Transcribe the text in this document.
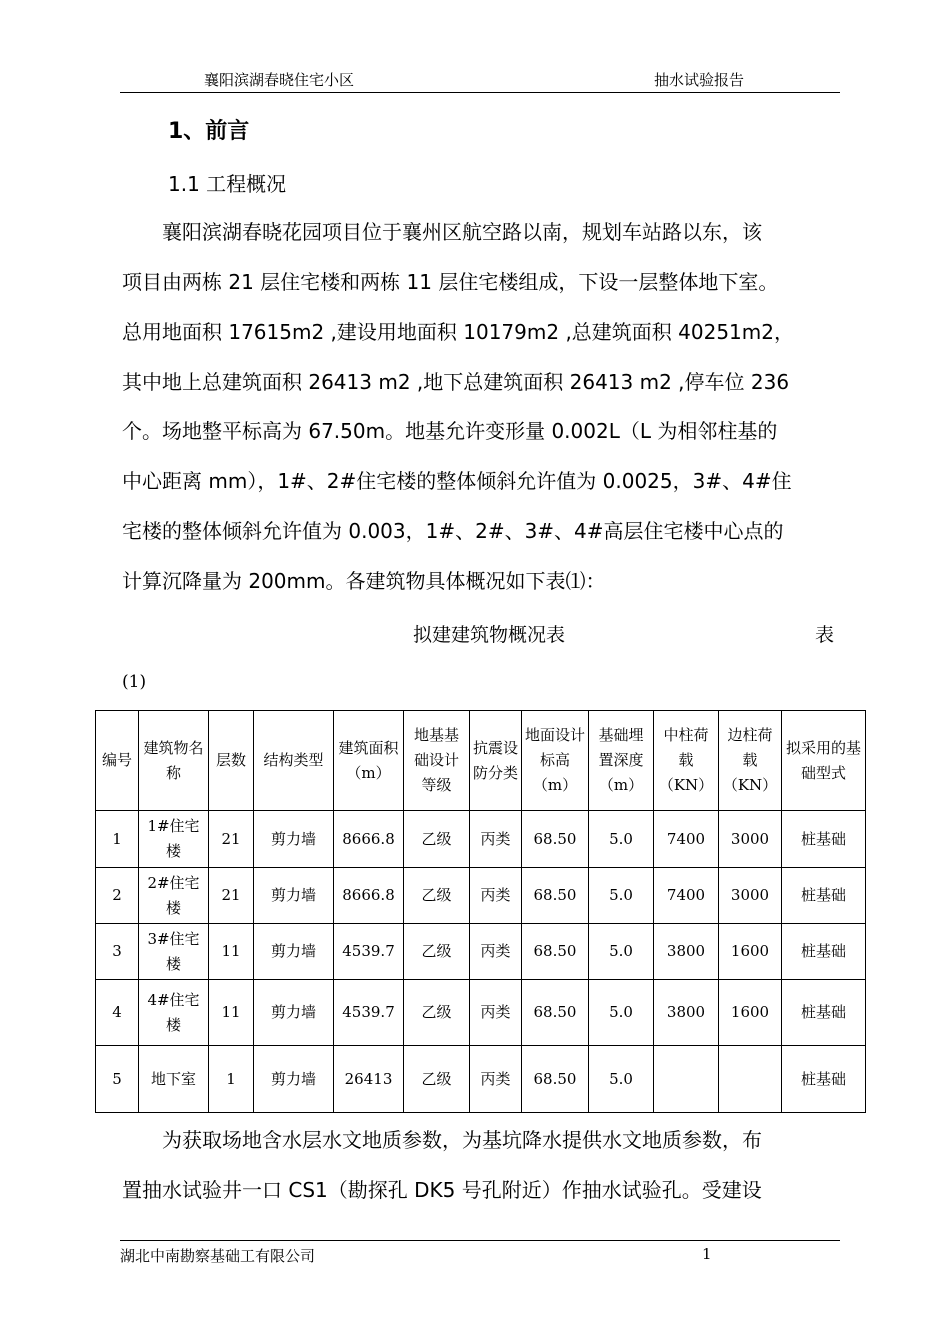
襄阳滨湖春晓住宅小区	抽水试验报告
1、前言
1.1 工程概况
　　襄阳滨湖春晓花园项目位于襄州区航空路以南，规划车站路以东，该
项目由两栋 21 层住宅楼和两栋 11 层住宅楼组成，下设一层整体地下室。
总用地面积 17615m2 ,建设用地面积 10179m2 ,总建筑面积 40251m2，
其中地上总建筑面积 26413 m2 ,地下总建筑面积 26413 m2 ,停车位 236
个。场地整平标高为 67.50m。地基允许变形量 0.002L（L 为相邻柱基的
中心距离 mm），1#、2#住宅楼的整体倾斜允许值为 0.0025，3#、4#住
宅楼的整体倾斜允许值为 0.003，1#、2#、3#、4#高层住宅楼中心点的
计算沉降量为 200mm。各建筑物具体概况如下表⑴：
拟建建筑物概况表	表
(1)
编号	建筑物名称	层数	结构类型	建筑面积（m）	地基基础设计等级	抗震设防分类	地面设计标高（m）	基础埋置深度（m）	中柱荷载（KN）	边柱荷载（KN）	拟采用的基础型式
1	1#住宅楼	21	剪力墙	8666.8	乙级	丙类	68.50	5.0	7400	3000	桩基础
2	2#住宅楼	21	剪力墙	8666.8	乙级	丙类	68.50	5.0	7400	3000	桩基础
3	3#住宅楼	11	剪力墙	4539.7	乙级	丙类	68.50	5.0	3800	1600	桩基础
4	4#住宅楼	11	剪力墙	4539.7	乙级	丙类	68.50	5.0	3800	1600	桩基础
5	地下室	1	剪力墙	26413	乙级	丙类	68.50	5.0			桩基础
　　为获取场地含水层水文地质参数，为基坑降水提供水文地质参数，布
置抽水试验井一口 CS1（勘探孔 DK5 号孔附近）作抽水试验孔。受建设
湖北中南勘察基础工有限公司	1
